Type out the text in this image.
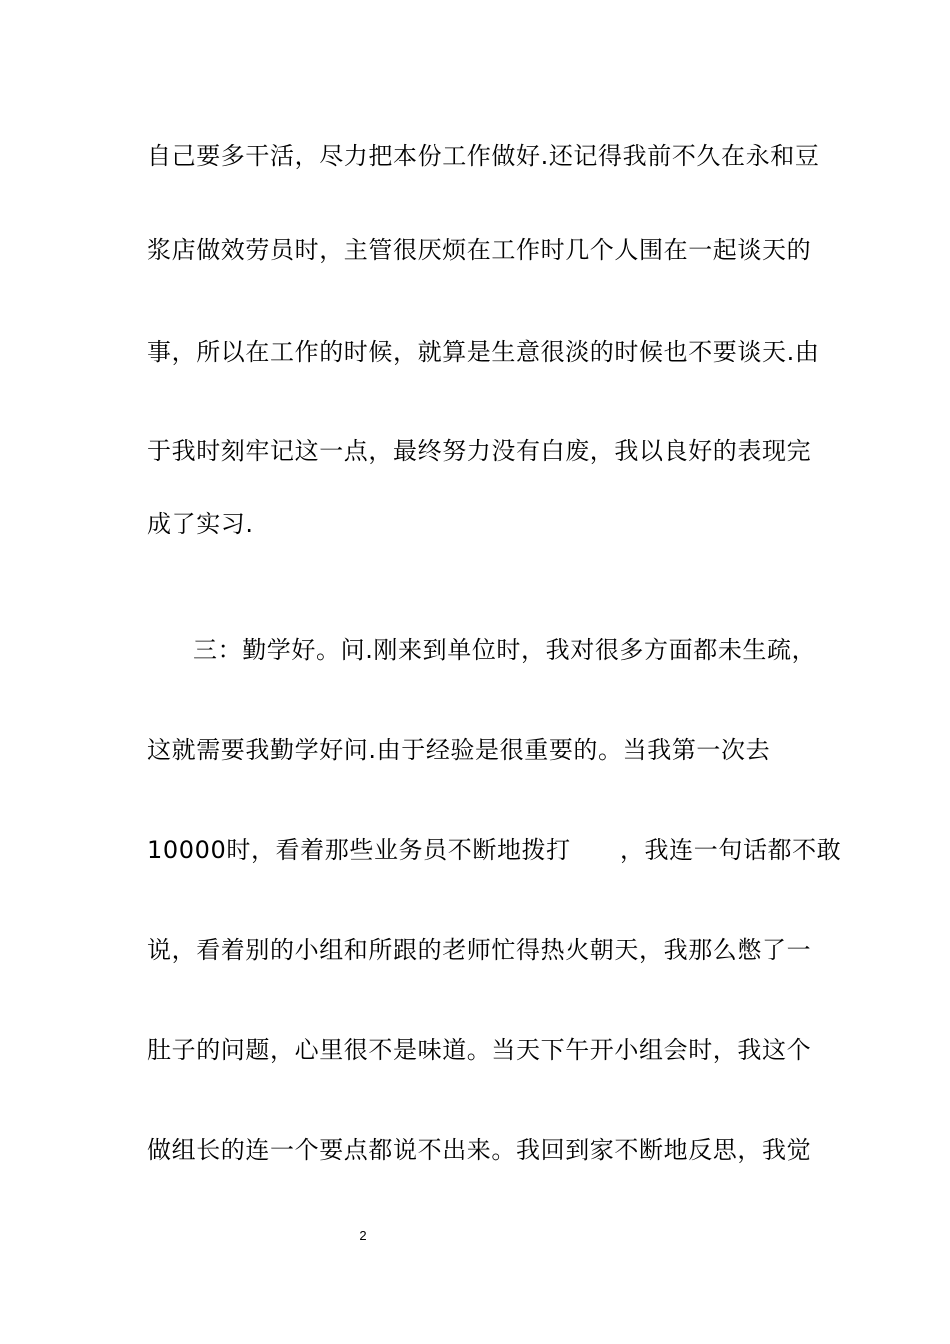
自己要多干活，尽力把本份工作做好.还记得我前不久在永和豆
浆店做效劳员时，主管很厌烦在工作时几个人围在一起谈天的
事，所以在工作的时候，就算是生意很淡的时候也不要谈天.由
于我时刻牢记这一点，最终努力没有白废，我以良好的表现完
成了实习.
三：勤学好。问.刚来到单位时，我对很多方面都未生疏，
这就需要我勤学好问.由于经验是很重要的。当我第一次去
10000时，看着那些业务员不断地拨打　　，我连一句话都不敢
说，看着别的小组和所跟的老师忙得热火朝天，我那么憋了一
肚子的问题，心里很不是味道。当天下午开小组会时，我这个
做组长的连一个要点都说不出来。我回到家不断地反思，我觉
2
